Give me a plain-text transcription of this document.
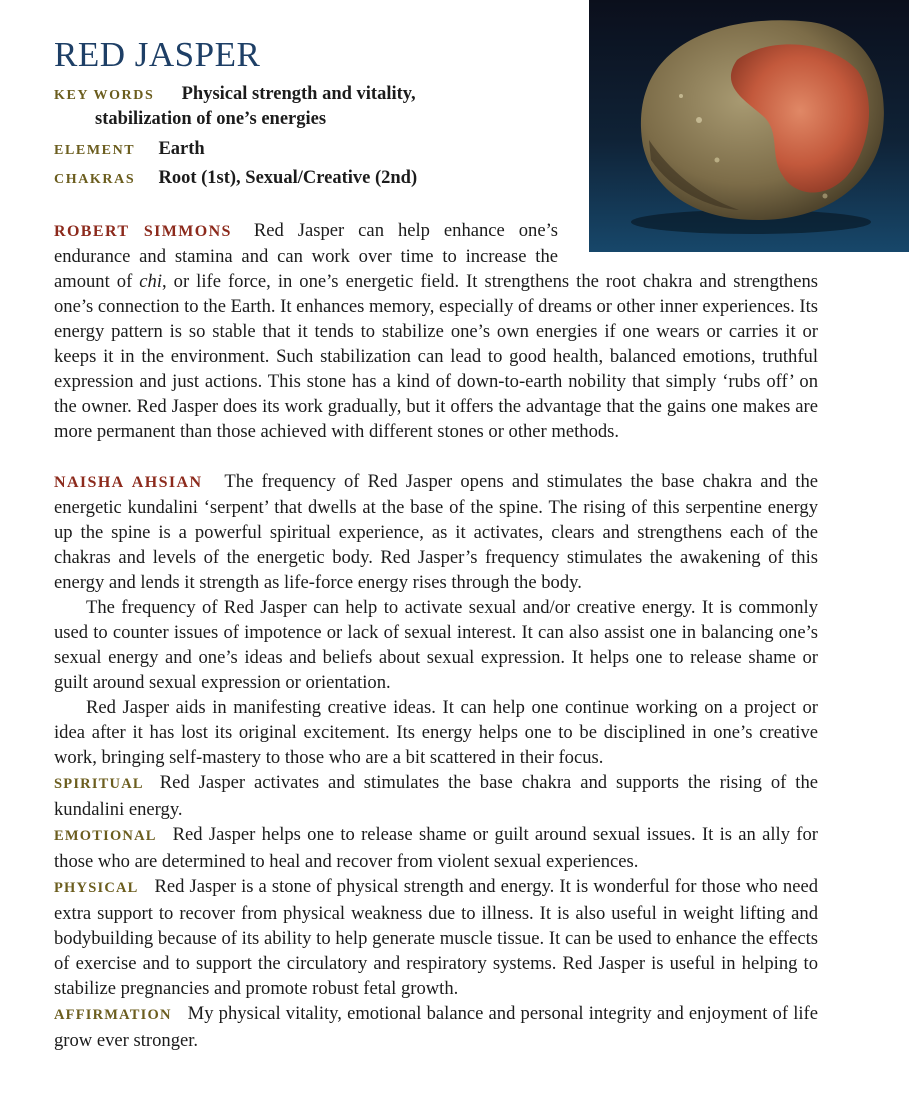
RED JASPER
KEY WORDS Physical strength and vitality,
stabilization of one’s energies
ELEMENT Earth
CHAKRAS Root (1st), Sexual/Creative (2nd)

ROBERT SIMMONS Red Jasper can help enhance one’s endurance and stamina and can work over time to increase the amount of chi, or life force, in one’s energetic field. It strengthens the root chakra and strengthens one’s connection to the Earth. It enhances memory, especially of dreams or other inner experiences. Its energy pattern is so stable that it tends to stabilize one’s own energies if one wears or carries it or keeps it in the environment. Such stabilization can lead to good health, balanced emotions, truthful expression and just actions. This stone has a kind of down-to-earth nobility that simply ‘rubs off’ on the owner. Red Jasper does its work gradually, but it offers the advantage that the gains one makes are more permanent than those achieved with different stones or other methods.

NAISHA AHSIAN The frequency of Red Jasper opens and stimulates the base chakra and the energetic kundalini ‘serpent’ that dwells at the base of the spine. The rising of this serpentine energy up the spine is a powerful spiritual experience, as it activates, clears and strengthens each of the chakras and levels of the energetic body. Red Jasper’s frequency stimulates the awakening of this energy and lends it strength as life-force energy rises through the body.

The frequency of Red Jasper can help to activate sexual and/or creative energy. It is commonly used to counter issues of impotence or lack of sexual interest. It can also assist one in balancing one’s sexual energy and one’s ideas and beliefs about sexual expression. It helps one to release shame or guilt around sexual expression or orientation.

Red Jasper aids in manifesting creative ideas. It can help one continue working on a project or idea after it has lost its original excitement. Its energy helps one to be disciplined in one’s creative work, bringing self-mastery to those who are a bit scattered in their focus.

SPIRITUAL Red Jasper activates and stimulates the base chakra and supports the rising of the kundalini energy.

EMOTIONAL Red Jasper helps one to release shame or guilt around sexual issues. It is an ally for those who are determined to heal and recover from violent sexual experiences.

PHYSICAL Red Jasper is a stone of physical strength and energy. It is wonderful for those who need extra support to recover from physical weakness due to illness. It is also useful in weight lifting and bodybuilding because of its ability to help generate muscle tissue. It can be used to enhance the effects of exercise and to support the circulatory and respiratory systems. Red Jasper is useful in helping to stabilize pregnancies and promote robust fetal growth.

AFFIRMATION My physical vitality, emotional balance and personal integrity and enjoyment of life grow ever stronger.
